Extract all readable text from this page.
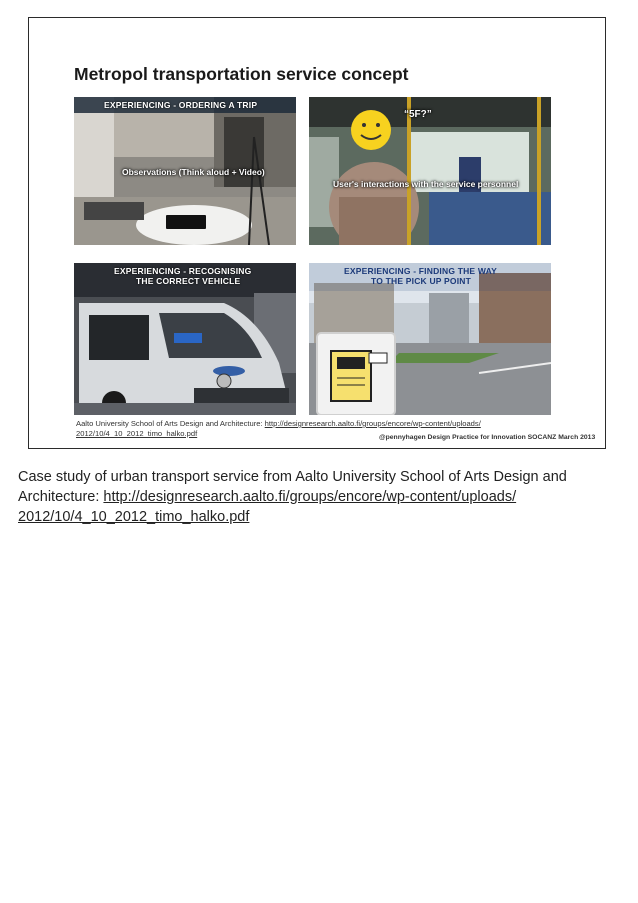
Metropol transportation service concept
EXPERIENCING - ORDERING A TRIP
Observations (Think aloud + Video)
“5F?”
User's interactions with the service personnel
EXPERIENCING - RECOGNISING
THE CORRECT VEHICLE
EXPERIENCING - FINDING THE WAY
TO THE PICK UP POINT
Aalto University School of Arts Design and Architecture: http://designresearch.aalto.fi/groups/encore/wp-content/uploads/
2012/10/4_10_2012_timo_halko.pdf	@pennyhagen Design Practice for Innovation SOCANZ March 2013
Case study of urban transport service from Aalto University School of Arts Design and Architecture: http://designresearch.aalto.fi/groups/encore/wp-content/uploads/
2012/10/4_10_2012_timo_halko.pdf
